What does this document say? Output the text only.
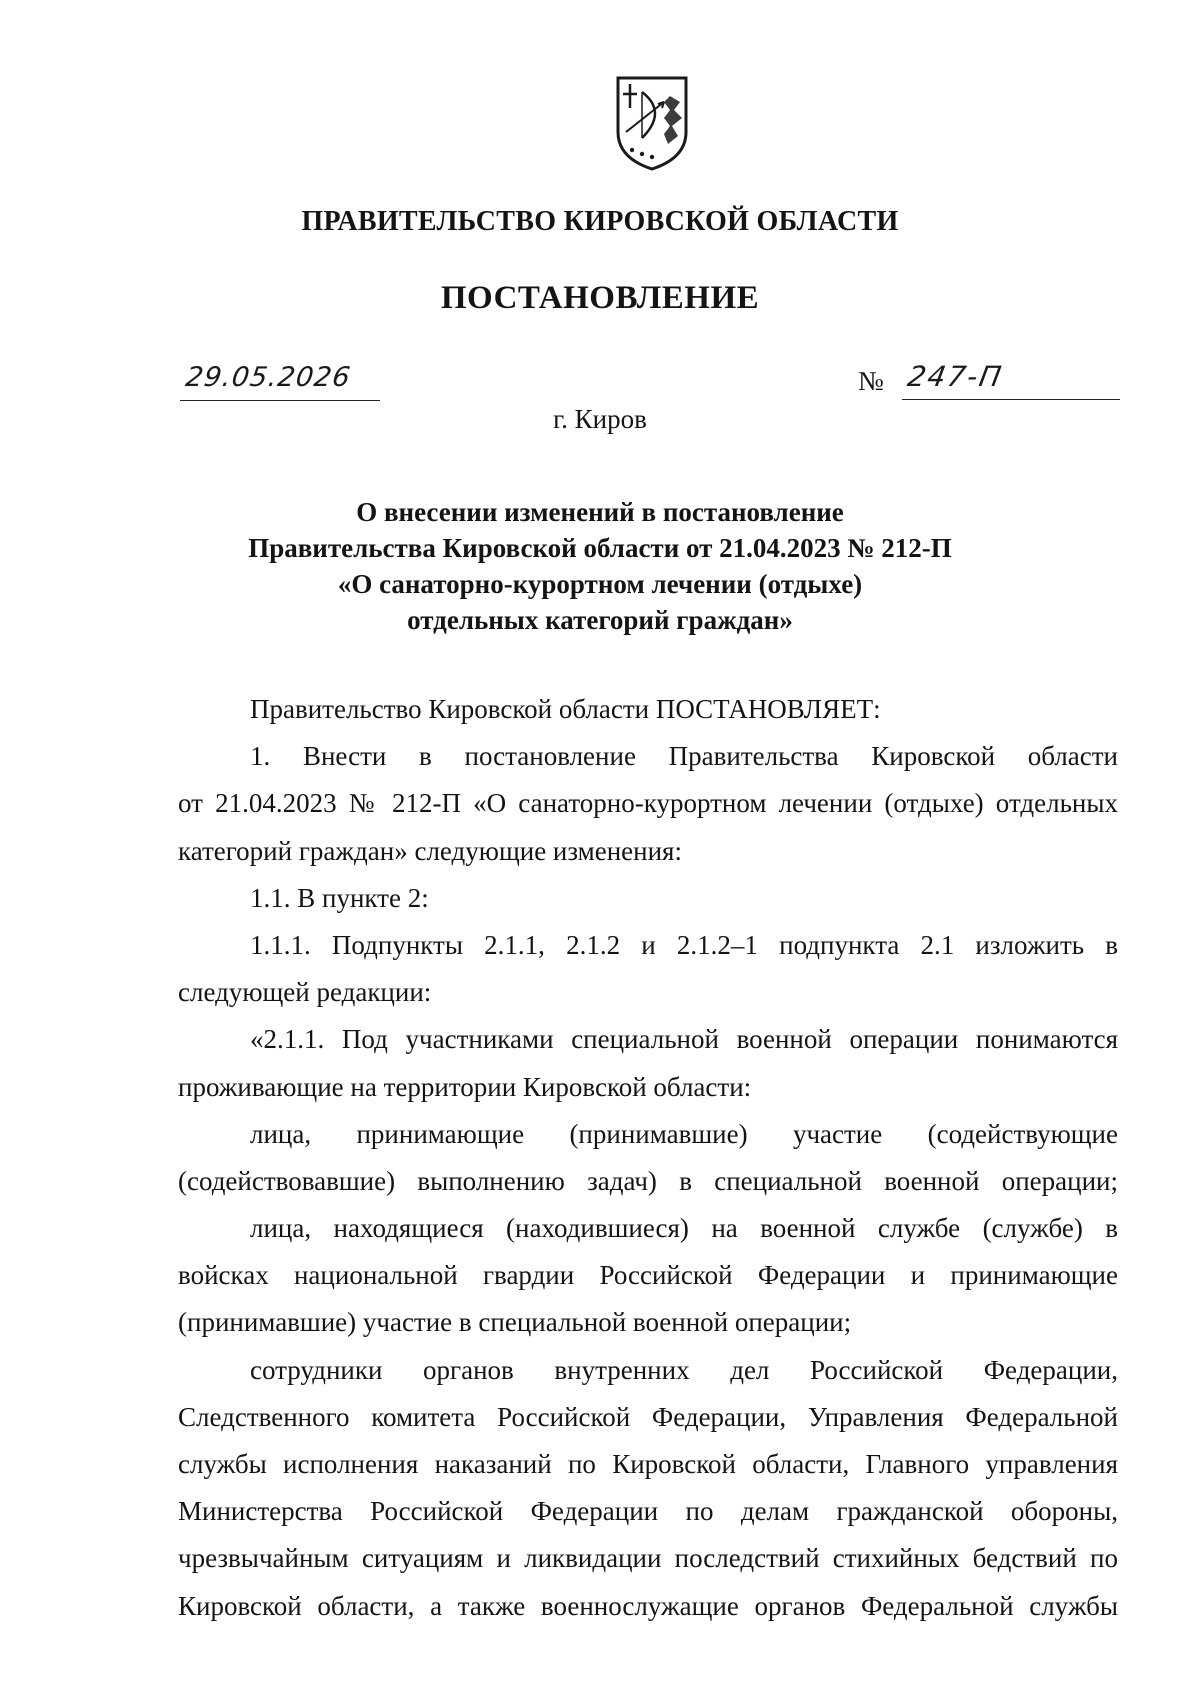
ПРАВИТЕЛЬСТВО КИРОВСКОЙ ОБЛАСТИ
ПОСТАНОВЛЕНИЕ
29.05.2026	№ 247-П
г. Киров
О внесении изменений в постановление
Правительства Кировской области от 21.04.2023 № 212-П
«О санаторно-курортном лечении (отдыхе)
отдельных категорий граждан»
Правительство Кировской области ПОСТАНОВЛЯЕТ:
1. Внести в постановление Правительства Кировской области
от 21.04.2023 № 212-П «О санаторно-курортном лечении (отдыхе) отдельных
категорий граждан» следующие изменения:
1.1. В пункте 2:
1.1.1. Подпункты 2.1.1, 2.1.2 и 2.1.2–1 подпункта 2.1 изложить в
следующей редакции:
«2.1.1. Под участниками специальной военной операции понимаются
проживающие на территории Кировской области:
лица, принимающие (принимавшие) участие (содействующие
(содействовавшие) выполнению задач) в специальной военной операции;
лица, находящиеся (находившиеся) на военной службе (службе) в
войсках национальной гвардии Российской Федерации и принимающие
(принимавшие) участие в специальной военной операции;
сотрудники органов внутренних дел Российской Федерации,
Следственного комитета Российской Федерации, Управления Федеральной
службы исполнения наказаний по Кировской области, Главного управления
Министерства Российской Федерации по делам гражданской обороны,
чрезвычайным ситуациям и ликвидации последствий стихийных бедствий по
Кировской области, а также военнослужащие органов Федеральной службы
